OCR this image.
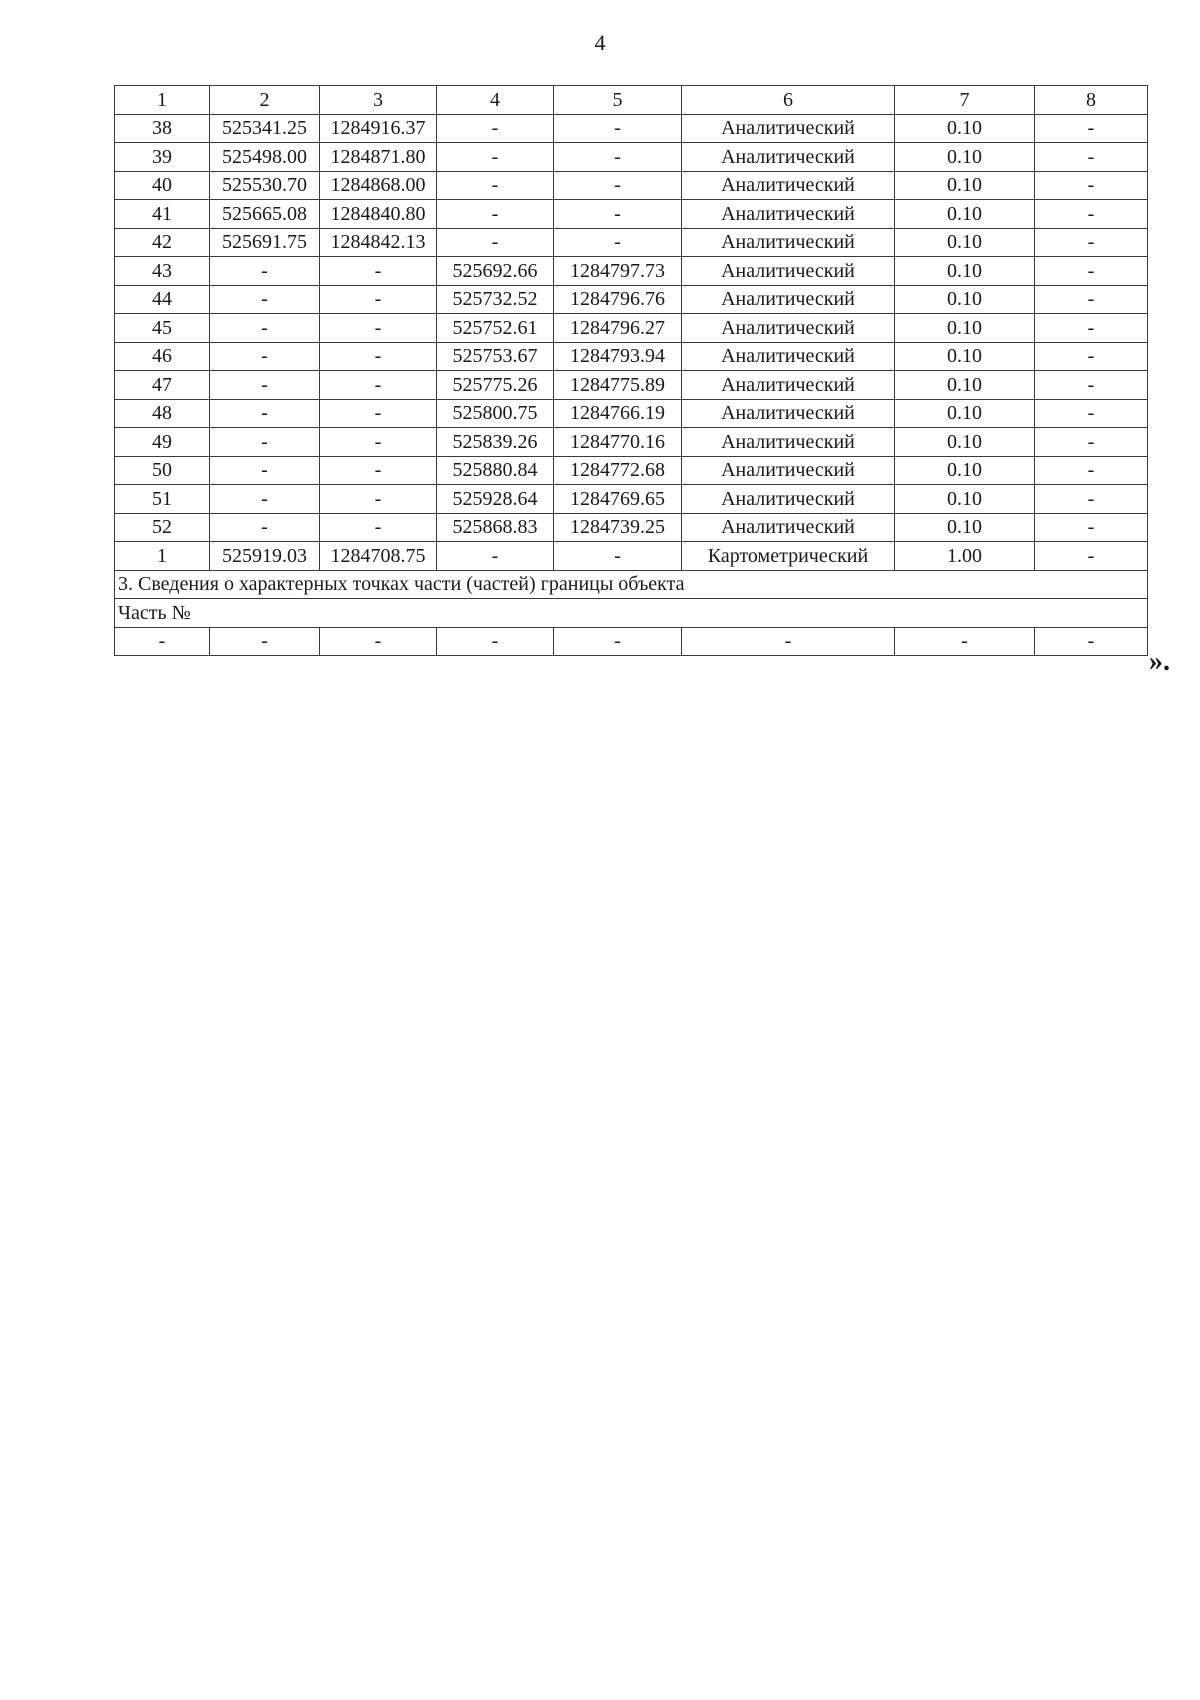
4
1	2	3	4	5	6	7	8
38	525341.25	1284916.37	-	-	Аналитический	0.10	-
39	525498.00	1284871.80	-	-	Аналитический	0.10	-
40	525530.70	1284868.00	-	-	Аналитический	0.10	-
41	525665.08	1284840.80	-	-	Аналитический	0.10	-
42	525691.75	1284842.13	-	-	Аналитический	0.10	-
43	-	-	525692.66	1284797.73	Аналитический	0.10	-
44	-	-	525732.52	1284796.76	Аналитический	0.10	-
45	-	-	525752.61	1284796.27	Аналитический	0.10	-
46	-	-	525753.67	1284793.94	Аналитический	0.10	-
47	-	-	525775.26	1284775.89	Аналитический	0.10	-
48	-	-	525800.75	1284766.19	Аналитический	0.10	-
49	-	-	525839.26	1284770.16	Аналитический	0.10	-
50	-	-	525880.84	1284772.68	Аналитический	0.10	-
51	-	-	525928.64	1284769.65	Аналитический	0.10	-
52	-	-	525868.83	1284739.25	Аналитический	0.10	-
1	525919.03	1284708.75	-	-	Картометрический	1.00	-
3. Сведения о характерных точках части (частей) границы объекта							
Часть №							
-	-	-	-	-	-	-	-
».
